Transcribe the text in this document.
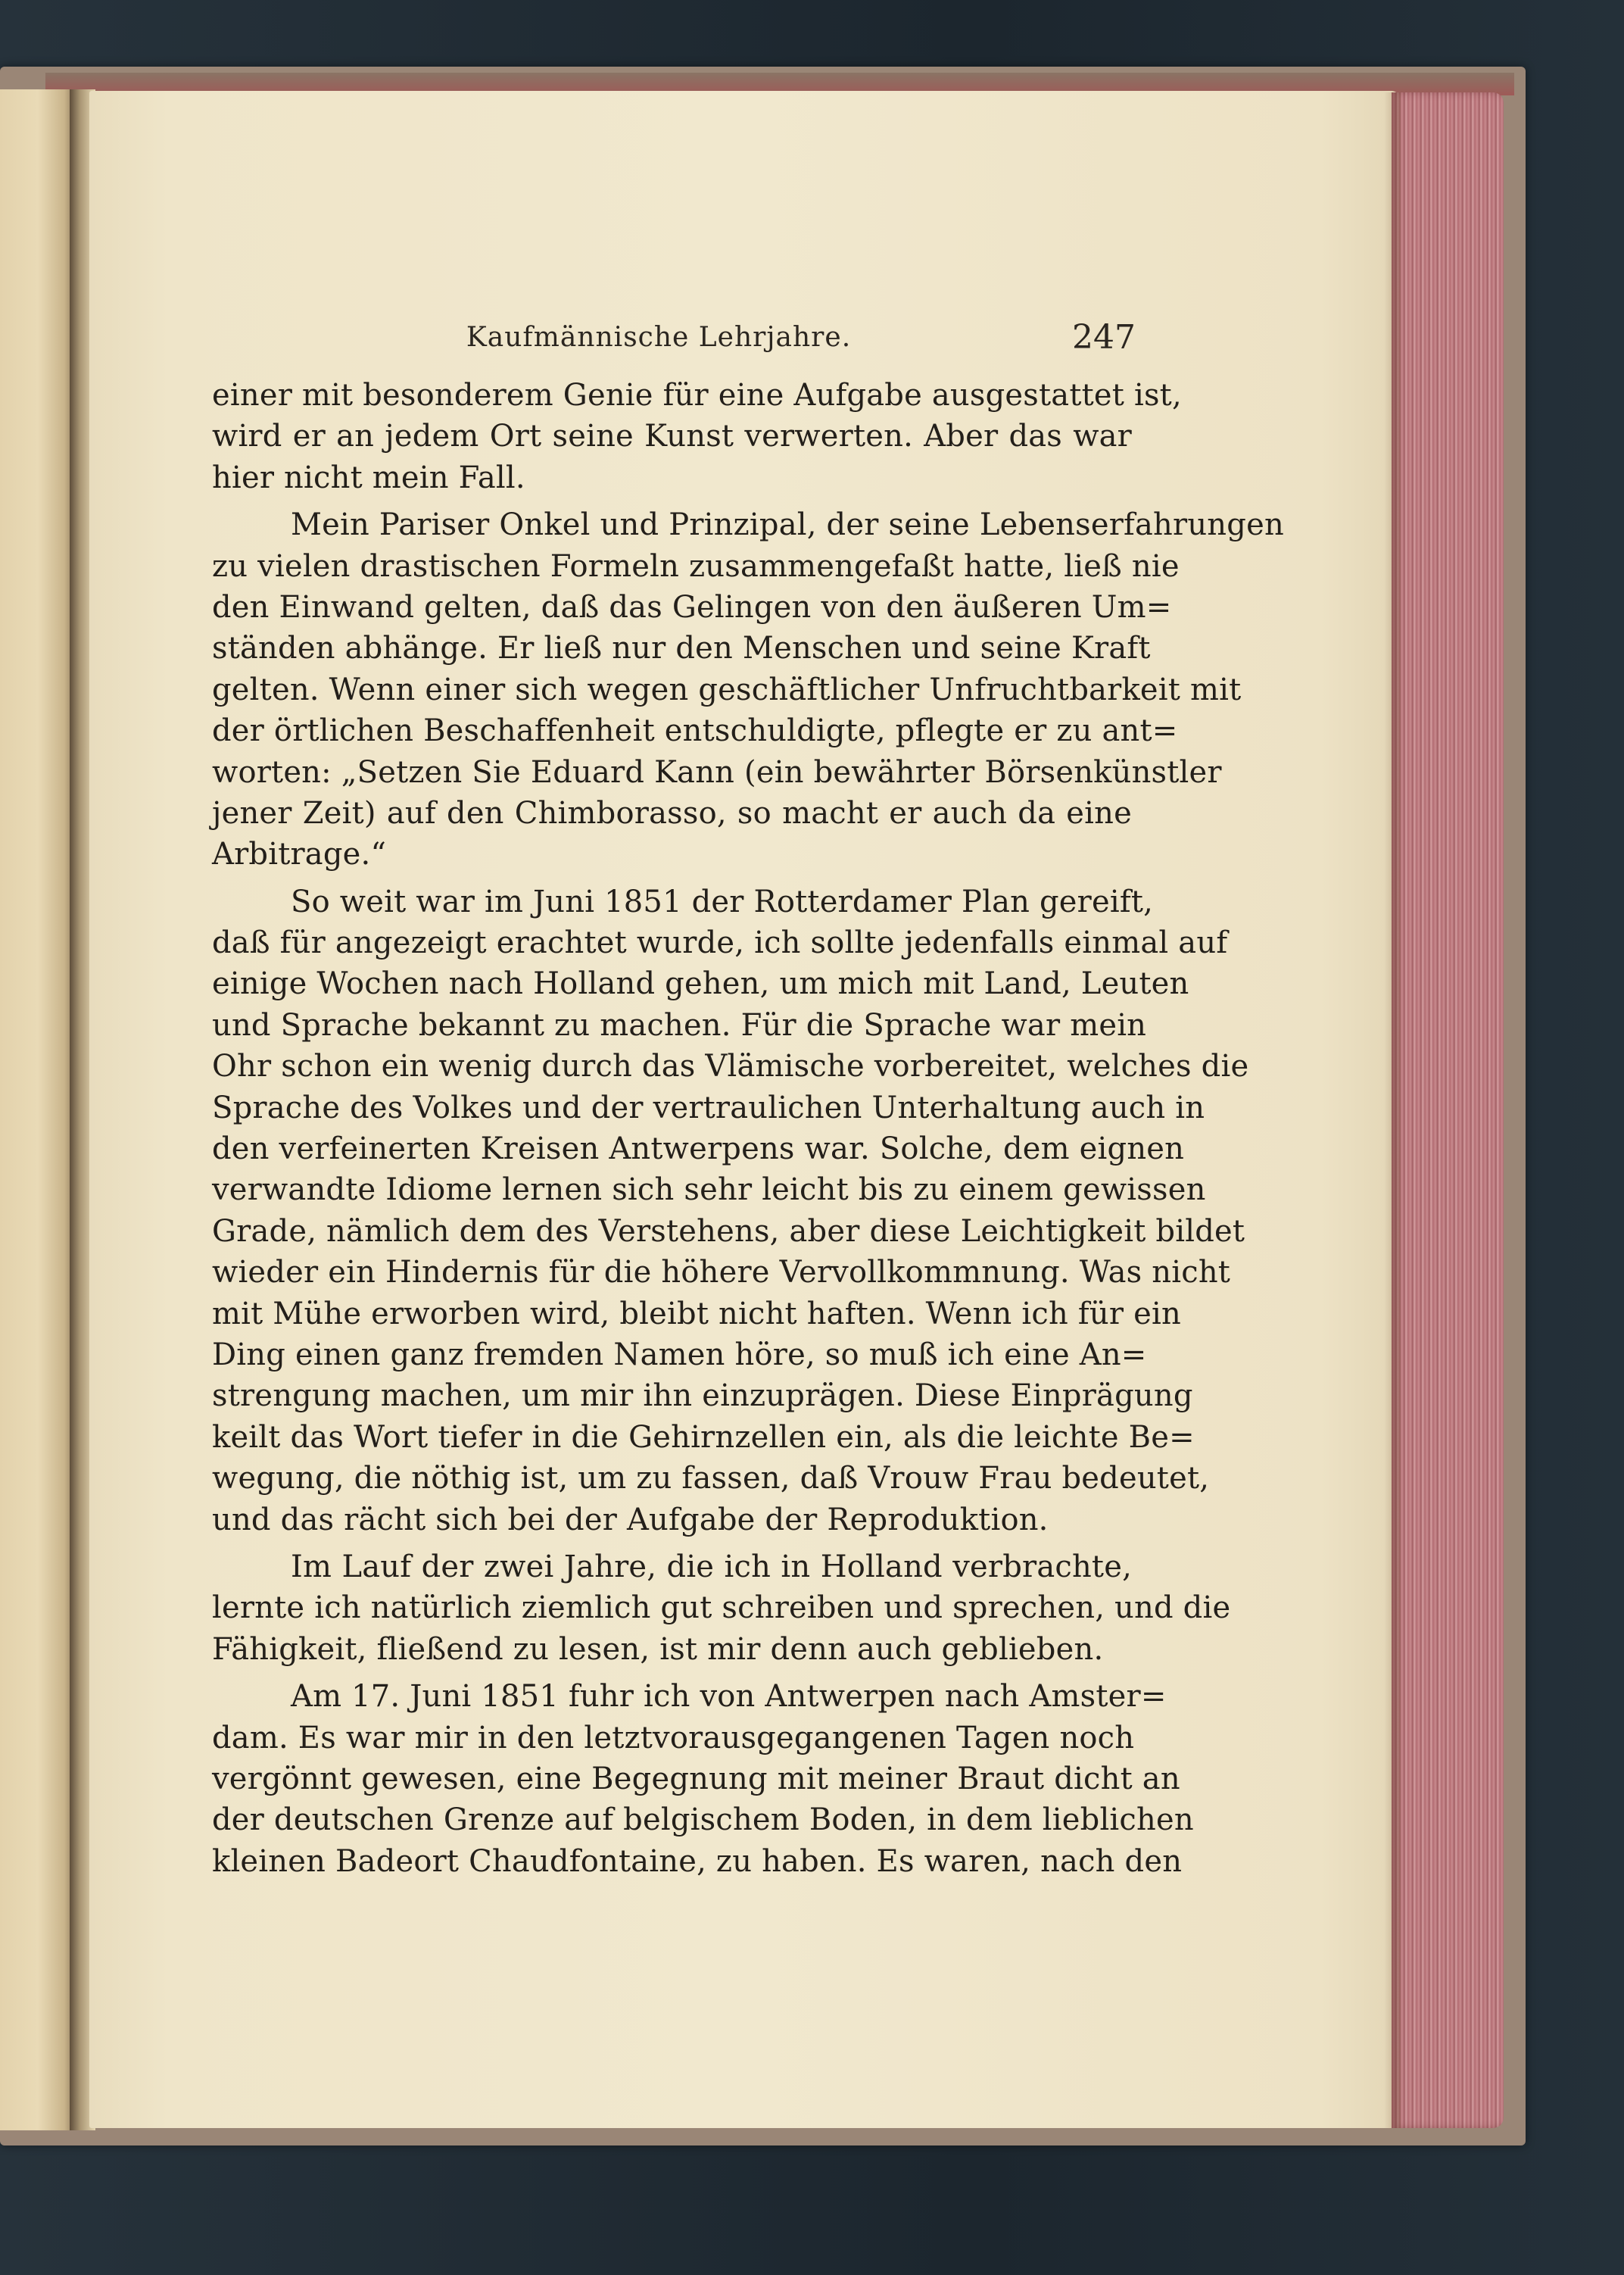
Kaufmännische Lehrjahre.	247
einer mit besonderem Genie für eine Aufgabe ausgestattet ist,
wird er an jedem Ort seine Kunst verwerten. Aber das war
hier nicht mein Fall.
Mein Pariser Onkel und Prinzipal, der seine Lebenserfahrungen
zu vielen drastischen Formeln zusammengefaßt hatte, ließ nie
den Einwand gelten, daß das Gelingen von den äußeren Um=
ständen abhänge. Er ließ nur den Menschen und seine Kraft
gelten. Wenn einer sich wegen geschäftlicher Unfruchtbarkeit mit
der örtlichen Beschaffenheit entschuldigte, pflegte er zu ant=
worten: „Setzen Sie Eduard Kann (ein bewährter Börsenkünstler
jener Zeit) auf den Chimborasso, so macht er auch da eine
Arbitrage.“
So weit war im Juni 1851 der Rotterdamer Plan gereift,
daß für angezeigt erachtet wurde, ich sollte jedenfalls einmal auf
einige Wochen nach Holland gehen, um mich mit Land, Leuten
und Sprache bekannt zu machen. Für die Sprache war mein
Ohr schon ein wenig durch das Vlämische vorbereitet, welches die
Sprache des Volkes und der vertraulichen Unterhaltung auch in
den verfeinerten Kreisen Antwerpens war. Solche, dem eignen
verwandte Idiome lernen sich sehr leicht bis zu einem gewissen
Grade, nämlich dem des Verstehens, aber diese Leichtigkeit bildet
wieder ein Hindernis für die höhere Vervollkommnung. Was nicht
mit Mühe erworben wird, bleibt nicht haften. Wenn ich für ein
Ding einen ganz fremden Namen höre, so muß ich eine An=
strengung machen, um mir ihn einzuprägen. Diese Einprägung
keilt das Wort tiefer in die Gehirnzellen ein, als die leichte Be=
wegung, die nöthig ist, um zu fassen, daß Vrouw Frau bedeutet,
und das rächt sich bei der Aufgabe der Reproduktion.
Im Lauf der zwei Jahre, die ich in Holland verbrachte,
lernte ich natürlich ziemlich gut schreiben und sprechen, und die
Fähigkeit, fließend zu lesen, ist mir denn auch geblieben.
Am 17. Juni 1851 fuhr ich von Antwerpen nach Amster=
dam. Es war mir in den letztvorausgegangenen Tagen noch
vergönnt gewesen, eine Begegnung mit meiner Braut dicht an
der deutschen Grenze auf belgischem Boden, in dem lieblichen
kleinen Badeort Chaudfontaine, zu haben. Es waren, nach den
